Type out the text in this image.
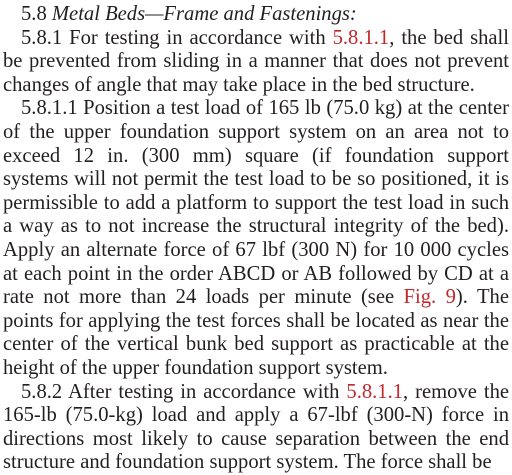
5.8 Metal Beds—Frame and Fastenings:

5.8.1 For testing in accordance with 5.8.1.1, the bed shall be prevented from sliding in a manner that does not prevent changes of angle that may take place in the bed structure.

5.8.1.1 Position a test load of 165 lb (75.0 kg) at the center of the upper foundation support system on an area not to exceed 12 in. (300 mm) square (if foundation support systems will not permit the test load to be so positioned, it is permissible to add a platform to support the test load in such a way as to not increase the structural integrity of the bed). Apply an alternate force of 67 lbf (300 N) for 10 000 cycles at each point in the order ABCD or AB followed by CD at a rate not more than 24 loads per minute (see Fig. 9). The points for applying the test forces shall be located as near the center of the vertical bunk bed support as practicable at the height of the upper foundation support system.

5.8.2 After testing in accordance with 5.8.1.1, remove the 165-lb (75.0-kg) load and apply a 67-lbf (300-N) force in directions most likely to cause separation between the end structure and foundation support system. The force shall be
